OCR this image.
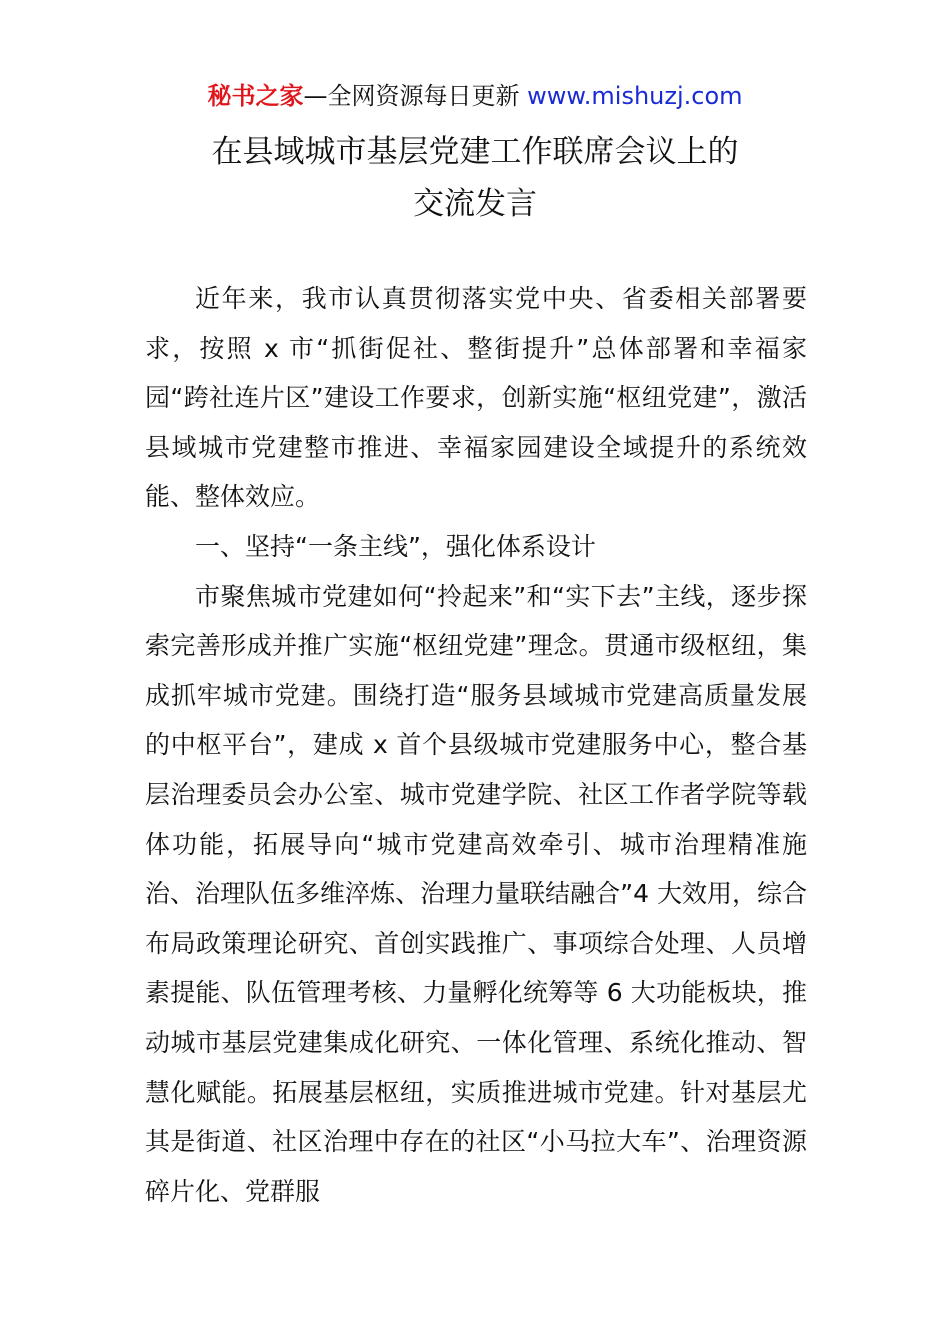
秘书之家—全网资源每日更新 www.mishuzj.com
在县域城市基层党建工作联席会议上的
交流发言

近年来，我市认真贯彻落实党中央、省委相关部署要求，按照 x 市“抓街促社、整街提升”总体部署和幸福家园“跨社连片区”建设工作要求，创新实施“枢纽党建”，激活县域城市党建整市推进、幸福家园建设全域提升的系统效能、整体效应。

一、坚持“一条主线”，强化体系设计

市聚焦城市党建如何“拎起来”和“实下去”主线，逐步探索完善形成并推广实施“枢纽党建”理念。贯通市级枢纽，集成抓牢城市党建。围绕打造“服务县域城市党建高质量发展的中枢平台”，建成 x 首个县级城市党建服务中心，整合基层治理委员会办公室、城市党建学院、社区工作者学院等载体功能，拓展导向“城市党建高效牵引、城市治理精准施治、治理队伍多维淬炼、治理力量联结融合”4 大效用，综合布局政策理论研究、首创实践推广、事项综合处理、人员增素提能、队伍管理考核、力量孵化统筹等 6 大功能板块，推动城市基层党建集成化研究、一体化管理、系统化推动、智慧化赋能。拓展基层枢纽，实质推进城市党建。针对基层尤其是街道、社区治理中存在的社区“小马拉大车”、治理资源碎片化、党群服
